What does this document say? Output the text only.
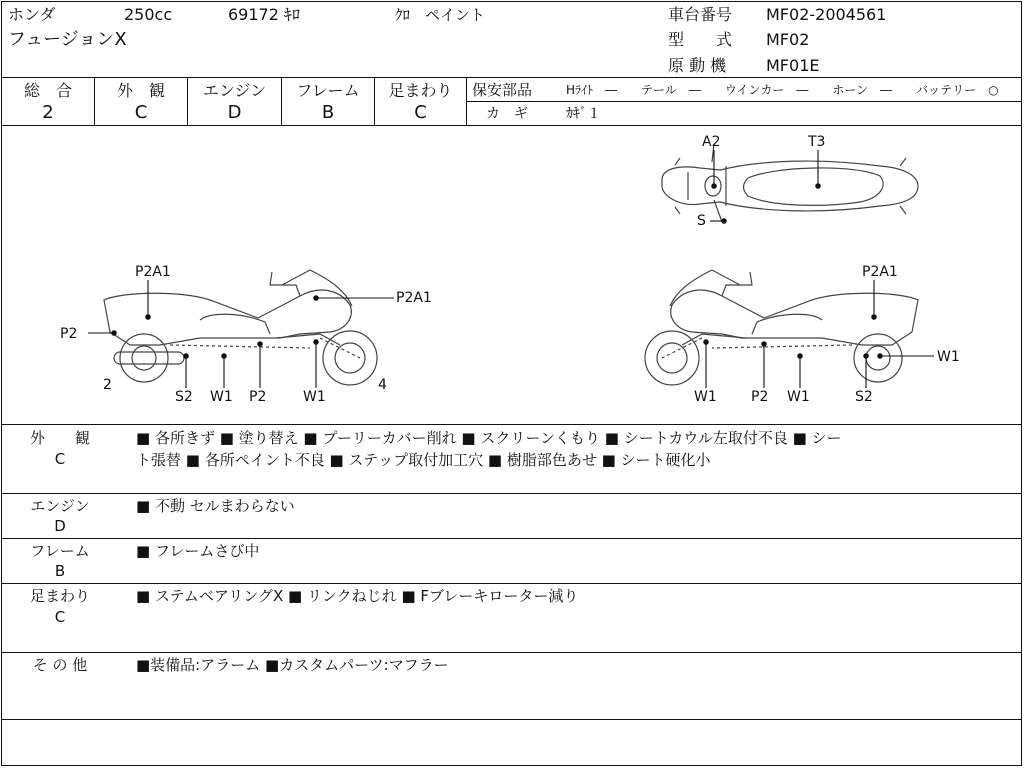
ホンダ	250cc	69172 ｷﾛ	ｸﾛ　ペイント
フュージョンX
車台番号 MF02-2004561
型　　式 MF02
原 動 機 MF01E
総　合
2
外　観
C
エンジン
D
フレーム
B
足まわり
C
保安部品	Hﾗｲﾄ　―　　テール　―　　ウインカー　―　　ホーン　―　　バッテリー　○
カ　ギ	ｶｷﾞ１
A2	T3
S
P2A1
P2A1
P2
2	4
S2 W1 P2	W1
P2A1
W1	W1
P2
W1
S2
外　　観
C
■ 各所きず ■ 塗り替え ■ プーリーカバー削れ ■ スクリーンくもり ■ シートカウル左取付不良 ■ シー
ト張替 ■ 各所ペイント不良 ■ ステップ取付加工穴 ■ 樹脂部色あせ ■ シート硬化小
エンジン
D
■ 不動 セルまわらない
フレーム
B
■ フレームさび中
足まわり
C
■ ステムベアリングX ■ リンクねじれ ■ Fブレーキローター減り
そ の 他	■装備品:アラーム ■カスタムパーツ:マフラー
